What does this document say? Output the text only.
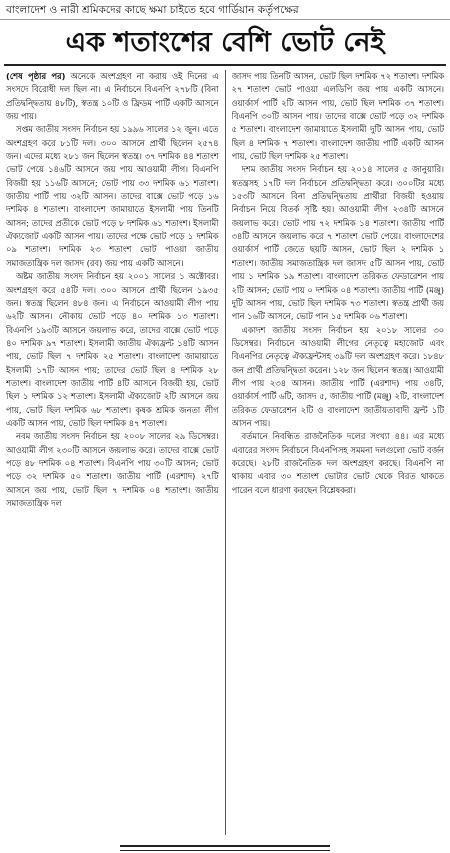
বাংলাদেশ ও নারী শ্রমিকদের কাছে ক্ষমা চাইতে হবে গার্ডিয়ান কর্তৃপক্ষের
এক শতাংশের বেশি ভোট নেই

(শেষ পৃষ্ঠার পর) অনেকে অংশগ্রহণ না করায় ওই দিনের এ সংসদে বিরোধী দল ছিল না। এ নির্বাচনে বিএনপি ২৭৮টি (বিনা প্রতিদ্বন্দ্বিতায় ৪৮টি), স্বতন্ত্র ১০টি ও ফ্রিডম পার্টি একটি আসনে জয় পায়।

সপ্তম জাতীয় সংসদ নির্বাচন হয় ১৯৯৬ সালের ১২ জুন। এতে অংশগ্রহণ করে ৮১টি দল। ৩০০ আসনে প্রার্থী ছিলেন ২৫৭৪ জন। এদের মধ্যে ২৮১ জন ছিলেন স্বতন্ত্র। ৩৭ দশমিক ৪৪ শতাংশ ভোট পেয়ে ১৪৬টি আসনে জয় পায় আওয়ামী লীগ। বিএনপি বিজয়ী হয় ১১৬টি আসনে; ভোট পায় ৩৩ দশমিক ৬১ শতাংশ। জাতীয় পার্টি পায় ৩২টি আসন। তাদের বাক্সে ভোট পড়ে ১৬ দশমিক ৪ শতাংশ। বাংলাদেশ জামায়াতে ইসলামী পায় তিনটি আসন; তাদের প্রতীকে ভোট পড়ে ৮ দশমিক ৬১ শতাংশ। ইসলামী ঐক্যজোট একটি আসন পায়। তাদের পক্ষে ভোট পড়ে ১ দশমিক ০৯ শতাংশ। দশমিক ২৩ শতাংশ ভোট পাওয়া জাতীয় সমাজতান্ত্রিক দল জাসদ (রব) জয় পায় একটি আসনে।

অষ্টম জাতীয় সংসদ নির্বাচন হয় ২০০১ সালের ১ অক্টোবর। অংশগ্রহণ করে ৫৪টি দল। ৩০০ আসনে প্রার্থী ছিলেন ১৯৩৫ জন। স্বতন্ত্র ছিলেন ৪৮৪ জন। এ নির্বাচনে আওয়ামী লীগ পায় ৬২টি আসন। নৌকায় ভোট পড়ে ৪০ দশমিক ১৩ শতাংশ। বিএনপি ১৯৩টি আসনে জয়লাভ করে, তাদের বাক্সে ভোট পড়ে ৪০ দশমিক ৯৭ শতাংশ। ইসলামী জাতীয় ঐক্যফ্রন্ট ১৪টি আসন পায়, ভোট ছিল ৭ দশমিক ২৫ শতাংশ। বাংলাদেশ জামায়াতে ইসলামী ১৭টি আসন পায়; তাদের ভোট ছিল ৪ দশমিক ২৮ শতাংশ। বাংলাদেশ জাতীয় পার্টি ৪টি আসনে বিজয়ী হয়, ভোট ছিল ১ দশমিক ১২ শতাংশ। ইসলামী ঐক্যজোট ২টি আসনে জয় পায়, ভোট ছিল দশমিক ৬৮ শতাংশ। কৃষক শ্রমিক জনতা লীগ একটি আসন পায়, ভোট ছিল দশমিক ৪৭ শতাংশ।

নবম জাতীয় সংসদ নির্বাচন হয় ২০০৮ সালের ২৯ ডিসেম্বর। আওয়ামী লীগ ২৩০টি আসনে জয়লাভ করে। তাদের বাক্সে ভোট পড়ে ৪৮ দশমিক ০৪ শতাংশ। বিএনপি পায় ৩০টি আসন; ভোট পড়ে ৩২ দশমিক ৫০ শতাংশ। জাতীয় পার্টি (এরশাদ) ২৭টি আসনে জয় পায়, ভোট ছিল ৭ দশমিক ০৪ শতাংশ। জাতীয় সমাজতান্ত্রিক দল

জাসদ পায় তিনটি আসন, ভোট ছিল দশমিক ৭২ শতাংশ। দশমিক ২৭ শতাংশ ভোট পাওয়া এলডিপি জয় পায় একটি আসনে। ওয়ার্কার্স পার্টি ২টি আসন পায়, ভোট ছিল দশমিক ৩৭ শতাংশ। বিএনপি ৩০টি আসন পায়। তাদের বাক্সে ভোট পড়ে ৩২ দশমিক ৫ শতাংশ। বাংলাদেশ জামায়াতে ইসলামী দুটি আসন পায়, ভোট ছিল ৪ দশমিক ৭ শতাংশ। বাংলাদেশ জাতীয় পার্টি একটি আসন পায়, ভোট ছিল দশমিক ২৫ শতাংশ।

দশম জাতীয় সংসদ নির্বাচন হয় ২০১৪ সালের ৫ জানুয়ারি। স্বতন্ত্রসহ ১৭টি দল নির্বাচনে প্রতিদ্বন্দ্বিতা করে। ৩০০টির মধ্যে ১৫৩টি আসনে বিনা প্রতিদ্বন্দ্বিতায় প্রার্থীরা বিজয়ী হওয়ায় নির্বাচন নিয়ে বিতর্ক সৃষ্টি হয়। আওয়ামী লীগ ২৩৪টি আসনে জয়লাভ করে। ভোট পায় ৭২ দশমিক ১৪ শতাংশ। জাতীয় পার্টি ৩৪টি আসনে জয়লাভ করে ৭ শতাংশ ভোট পেয়ে। বাংলাদেশের ওয়ার্কার্স পার্টি জেতে ছয়টি আসন, ভোট ছিল ২ দশমিক ১ শতাংশ। জাতীয় সমাজতান্ত্রিক দল জাসদ ৫টি আসন পায়, ভোট পায় ১ দশমিক ১৯ শতাংশ। বাংলাদেশ তরিকত ফেডারেশন পায় ২টি আসন; ভোট পায় ০ দশমিক ০৪ শতাংশ। জাতীয় পার্টি (মঞ্জু) দুটি আসন পায়, ভোট ছিল দশমিক ৭৩ শতাংশ। স্বতন্ত্র প্রার্থী জয় পান ১৬টি আসনে, ভোট পান ১৫ দশমিক ০৬ শতাংশ।

একাদশ জাতীয় সংসদ নির্বাচন হয় ২০১৮ সালের ৩০ ডিসেম্বর। নির্বাচনে আওয়ামী লীগের নেতৃত্বে মহাজোট এবং বিএনপির নেতৃত্বে ঐক্যফ্রন্টসহ ৩৯টি দল অংশগ্রহণ করে। ১৮৪৮ জন প্রার্থী প্রতিদ্বন্দ্বিতা করেন। ১২৮ জন ছিলেন স্বতন্ত্র। আওয়ামী লীগ পায় ২৩৪ আসন। জাতীয় পার্টি (এরশাদ) পায় ৩৪টি, ওয়ার্কার্স পার্টি ৬টি, জাসদ ৫, জাতীয় পার্টি (মঞ্জু) ২টি, বাংলাদেশ তরিকত ফেডারেশন ২টি ও বাংলাদেশ জাতীয়তাবাদী ফ্রন্ট ১টি আসন পায়।

বর্তমানে নিবন্ধিত রাজনৈতিক দলের সংখ্যা ৪৪। এর মধ্যে এবারের সংসদ নির্বাচনে বিএনপিসহ সমমনা দলগুলো ভোট বর্জন করেছে। ২৮টি রাজনৈতিক দল অংশগ্রহণ করছে। বিএনপি না থাকায় এবার ৩০ শতাংশ ভোটার ভোট থেকে বিরত থাকতে পারেন বলে ধারণা করছেন বিশ্লেষকরা।
